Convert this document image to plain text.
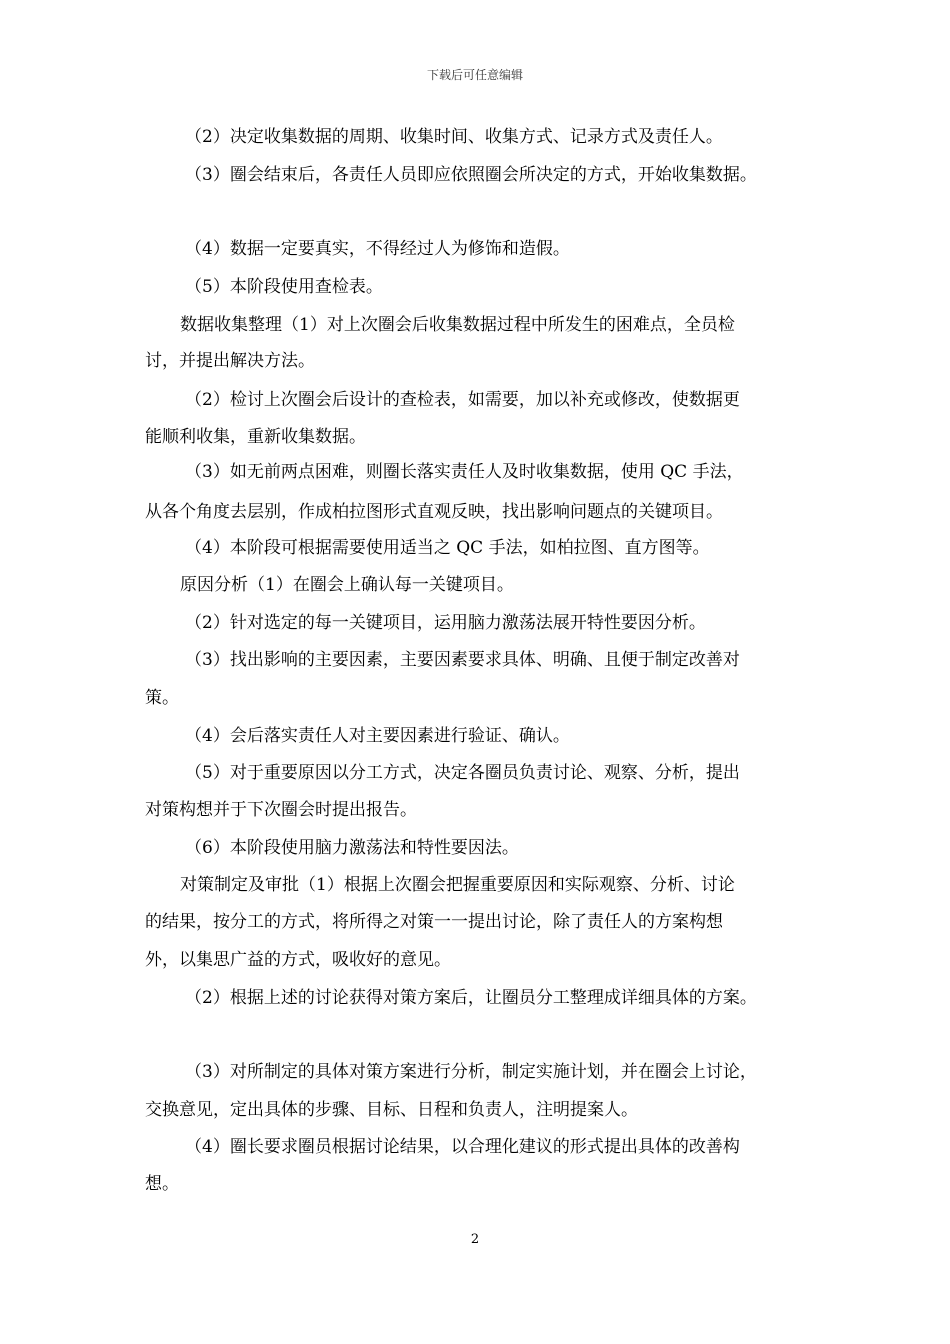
下载后可任意编辑
（2）决定收集数据的周期、收集时间、收集方式、记录方式及责任人。
（3）圈会结束后，各责任人员即应依照圈会所决定的方式，开始收集数据。
（4）数据一定要真实，不得经过人为修饰和造假。
（5）本阶段使用查检表。
数据收集整理（1）对上次圈会后收集数据过程中所发生的困难点，全员检
讨，并提出解决方法。
（2）检讨上次圈会后设计的查检表，如需要，加以补充或修改，使数据更
能顺利收集，重新收集数据。
（3）如无前两点困难，则圈长落实责任人及时收集数据，使用 QC 手法，
从各个角度去层别，作成柏拉图形式直观反映，找出影响问题点的关键项目。
（4）本阶段可根据需要使用适当之 QC 手法，如柏拉图、直方图等。
原因分析（1）在圈会上确认每一关键项目。
（2）针对选定的每一关键项目，运用脑力激荡法展开特性要因分析。
（3）找出影响的主要因素，主要因素要求具体、明确、且便于制定改善对
策。
（4）会后落实责任人对主要因素进行验证、确认。
（5）对于重要原因以分工方式，决定各圈员负责讨论、观察、分析，提出
对策构想并于下次圈会时提出报告。
（6）本阶段使用脑力激荡法和特性要因法。
对策制定及审批（1）根据上次圈会把握重要原因和实际观察、分析、讨论
的结果，按分工的方式，将所得之对策一一提出讨论，除了责任人的方案构想
外，以集思广益的方式，吸收好的意见。
（2）根据上述的讨论获得对策方案后，让圈员分工整理成详细具体的方案。
（3）对所制定的具体对策方案进行分析，制定实施计划，并在圈会上讨论，
交换意见，定出具体的步骤、目标、日程和负责人，注明提案人。
（4）圈长要求圈员根据讨论结果，以合理化建议的形式提出具体的改善构
想。
2
